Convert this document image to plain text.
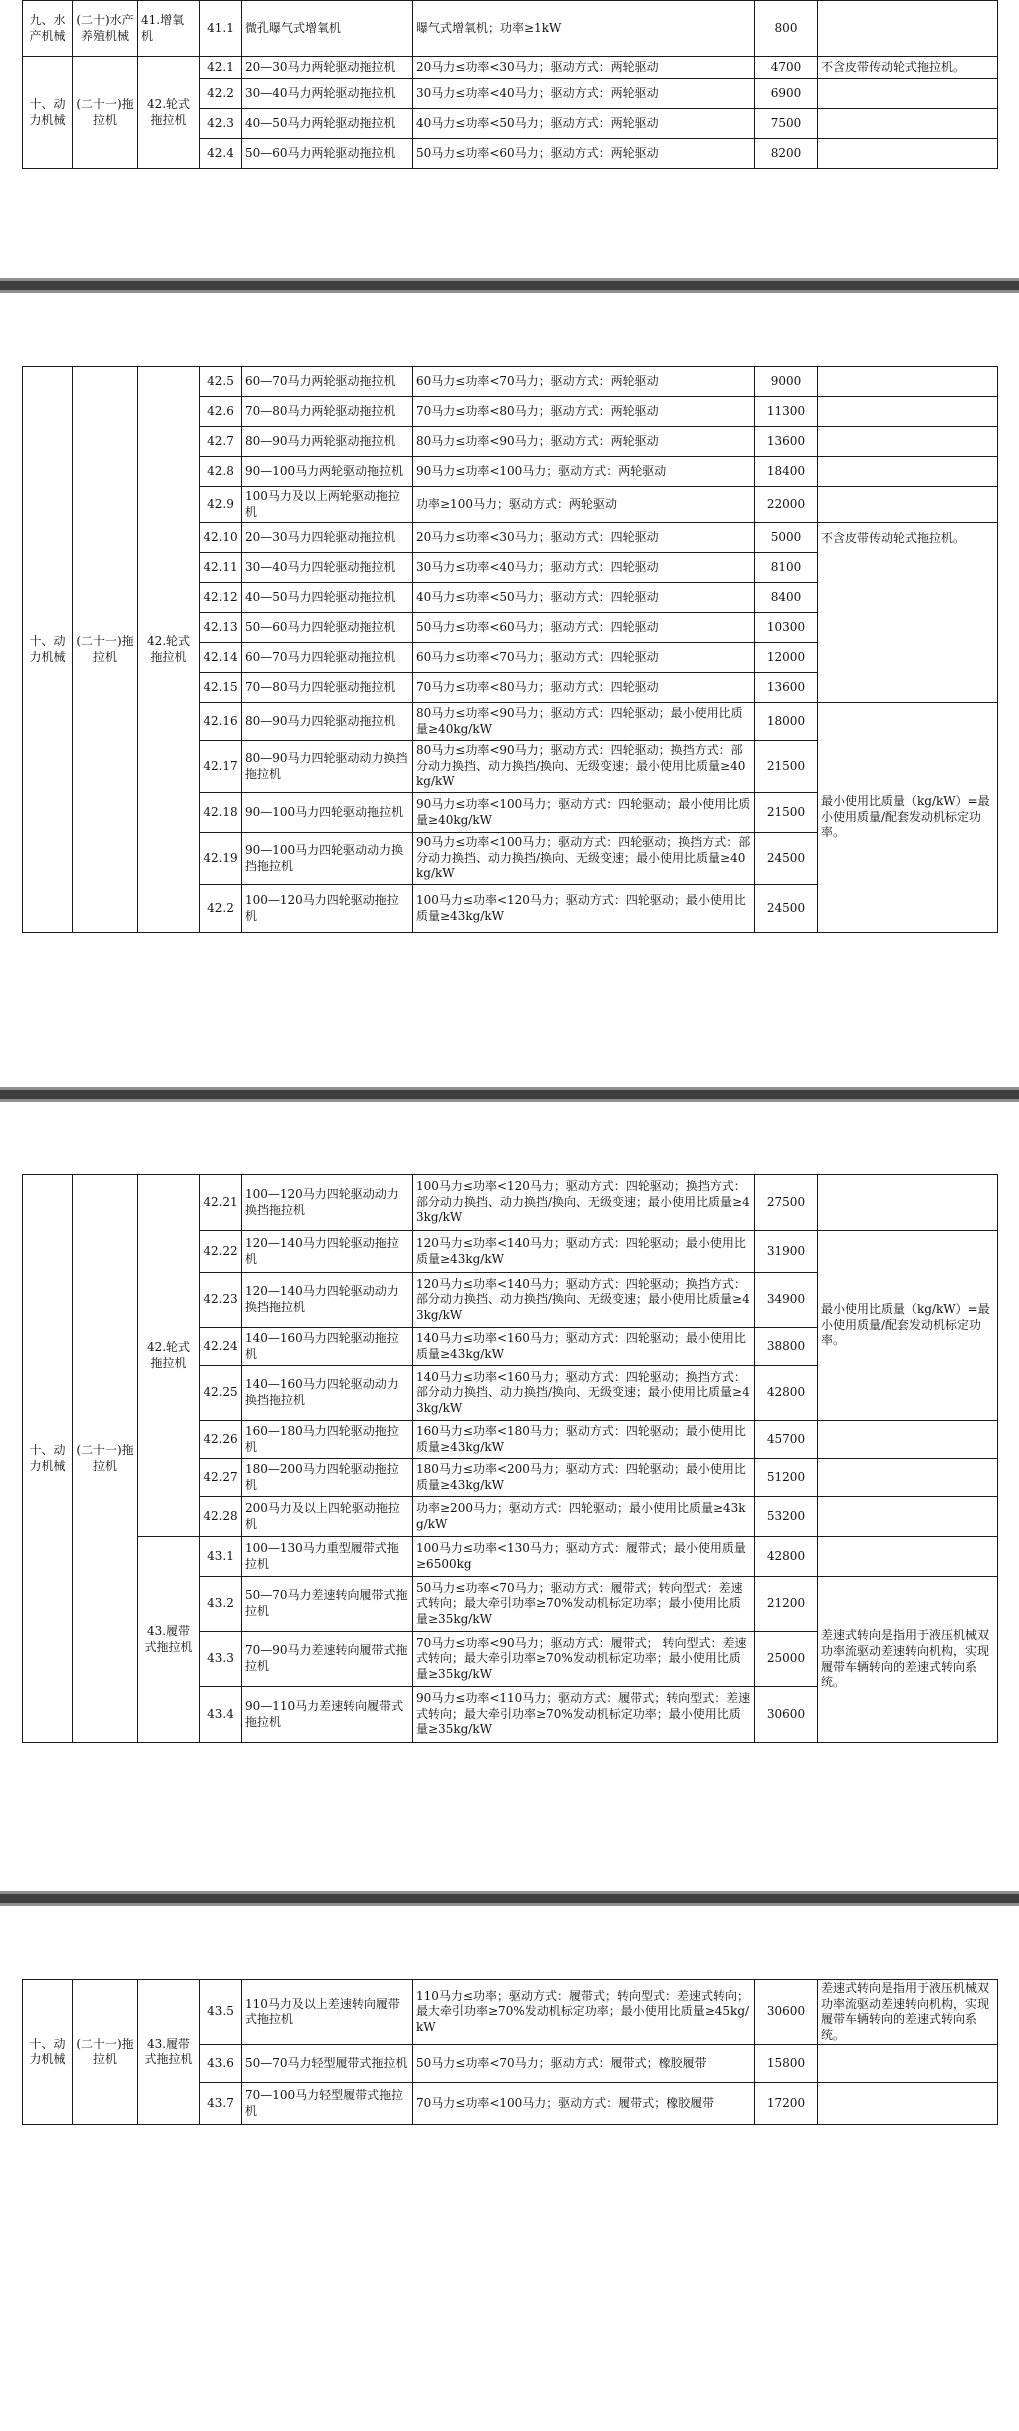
九、水产机械	(二十)水产养殖机械	41.增氧机	41.1	微孔曝气式增氧机	曝气式增氧机；功率≥1kW	800	
十、动力机械	(二十一)拖拉机	42.轮式拖拉机	42.1	20—30马力两轮驱动拖拉机	20马力≤功率<30马力；驱动方式：两轮驱动	4700	不含皮带传动轮式拖拉机。
			42.2	30—40马力两轮驱动拖拉机	30马力≤功率<40马力；驱动方式：两轮驱动	6900	
			42.3	40—50马力两轮驱动拖拉机	40马力≤功率<50马力；驱动方式：两轮驱动	7500	
			42.4	50—60马力两轮驱动拖拉机	50马力≤功率<60马力；驱动方式：两轮驱动	8200	
十、动力机械	(二十一)拖拉机	42.轮式拖拉机	42.5	60—70马力两轮驱动拖拉机	60马力≤功率<70马力；驱动方式：两轮驱动	9000	
			42.6	70—80马力两轮驱动拖拉机	70马力≤功率<80马力；驱动方式：两轮驱动	11300	
			42.7	80—90马力两轮驱动拖拉机	80马力≤功率<90马力；驱动方式：两轮驱动	13600	
			42.8	90—100马力两轮驱动拖拉机	90马力≤功率<100马力；驱动方式：两轮驱动	18400	
			42.9	100马力及以上两轮驱动拖拉机	功率≥100马力；驱动方式：两轮驱动	22000	
			42.10	20—30马力四轮驱动拖拉机	20马力≤功率<30马力；驱动方式：四轮驱动	5000	不含皮带传动轮式拖拉机。
			42.11	30—40马力四轮驱动拖拉机	30马力≤功率<40马力；驱动方式：四轮驱动	8100	
			42.12	40—50马力四轮驱动拖拉机	40马力≤功率<50马力；驱动方式：四轮驱动	8400	
			42.13	50—60马力四轮驱动拖拉机	50马力≤功率<60马力；驱动方式：四轮驱动	10300	
			42.14	60—70马力四轮驱动拖拉机	60马力≤功率<70马力；驱动方式：四轮驱动	12000	
			42.15	70—80马力四轮驱动拖拉机	70马力≤功率<80马力；驱动方式：四轮驱动	13600	
			42.16	80—90马力四轮驱动拖拉机	80马力≤功率<90马力；驱动方式：四轮驱动；最小使用比质量≥40kg/kW	18000	最小使用比质量（kg/kW）=最小使用质量/配套发动机标定功率。
			42.17	80—90马力四轮驱动动力换挡拖拉机	80马力≤功率<90马力；驱动方式：四轮驱动；换挡方式：部分动力换挡、动力换挡/换向、无级变速；最小使用比质量≥40kg/kW	21500	
			42.18	90—100马力四轮驱动拖拉机	90马力≤功率<100马力；驱动方式：四轮驱动；最小使用比质量≥40kg/kW	21500	
			42.19	90—100马力四轮驱动动力换挡拖拉机	90马力≤功率<100马力；驱动方式：四轮驱动；换挡方式：部分动力换挡、动力换挡/换向、无级变速；最小使用比质量≥40kg/kW	24500	
			42.2	100—120马力四轮驱动拖拉机	100马力≤功率<120马力；驱动方式：四轮驱动；最小使用比质量≥43kg/kW	24500	
十、动力机械	(二十一)拖拉机	42.轮式拖拉机	42.21	100—120马力四轮驱动动力换挡拖拉机	100马力≤功率<120马力；驱动方式：四轮驱动；换挡方式：部分动力换挡、动力换挡/换向、无级变速；最小使用比质量≥43kg/kW	27500	
			42.22	120—140马力四轮驱动拖拉机	120马力≤功率<140马力；驱动方式：四轮驱动；最小使用比质量≥43kg/kW	31900	最小使用比质量（kg/kW）=最小使用质量/配套发动机标定功率。
			42.23	120—140马力四轮驱动动力换挡拖拉机	120马力≤功率<140马力；驱动方式：四轮驱动；换挡方式：部分动力换挡、动力换挡/换向、无级变速；最小使用比质量≥43kg/kW	34900	
			42.24	140—160马力四轮驱动拖拉机	140马力≤功率<160马力；驱动方式：四轮驱动；最小使用比质量≥43kg/kW	38800	
			42.25	140—160马力四轮驱动动力换挡拖拉机	140马力≤功率<160马力；驱动方式：四轮驱动；换挡方式：部分动力换挡、动力换挡/换向、无级变速；最小使用比质量≥43kg/kW	42800	
			42.26	160—180马力四轮驱动拖拉机	160马力≤功率<180马力；驱动方式：四轮驱动；最小使用比质量≥43kg/kW	45700	
			42.27	180—200马力四轮驱动拖拉机	180马力≤功率<200马力；驱动方式：四轮驱动；最小使用比质量≥43kg/kW	51200	
			42.28	200马力及以上四轮驱动拖拉机	功率≥200马力；驱动方式：四轮驱动；最小使用比质量≥43kg/kW	53200	
		43.履带式拖拉机	43.1	100—130马力重型履带式拖拉机	100马力≤功率<130马力；驱动方式：履带式；最小使用质量≥6500kg	42800	
			43.2	50—70马力差速转向履带式拖拉机	50马力≤功率<70马力；驱动方式：履带式；转向型式：差速式转向；最大牵引功率≥70%发动机标定功率；最小使用比质量≥35kg/kW	21200	差速式转向是指用于液压机械双功率流驱动差速转向机构，实现履带车辆转向的差速式转向系统。
			43.3	70—90马力差速转向履带式拖拉机	70马力≤功率<90马力；驱动方式：履带式； 转向型式：差速式转向；最大牵引功率≥70%发动机标定功率；最小使用比质量≥35kg/kW	25000	
			43.4	90—110马力差速转向履带式拖拉机	90马力≤功率<110马力；驱动方式：履带式；转向型式：差速式转向；最大牵引功率≥70%发动机标定功率；最小使用比质量≥35kg/kW	30600	
十、动力机械	(二十一)拖拉机	43.履带式拖拉机	43.5	110马力及以上差速转向履带式拖拉机	110马力≤功率；驱动方式：履带式；转向型式：差速式转向；最大牵引功率≥70%发动机标定功率；最小使用比质量≥45kg/kW	30600	差速式转向是指用于液压机械双功率流驱动差速转向机构，实现履带车辆转向的差速式转向系统。
			43.6	50—70马力轻型履带式拖拉机	50马力≤功率<70马力；驱动方式：履带式；橡胶履带	15800	
			43.7	70—100马力轻型履带式拖拉机	70马力≤功率<100马力；驱动方式：履带式；橡胶履带	17200	
